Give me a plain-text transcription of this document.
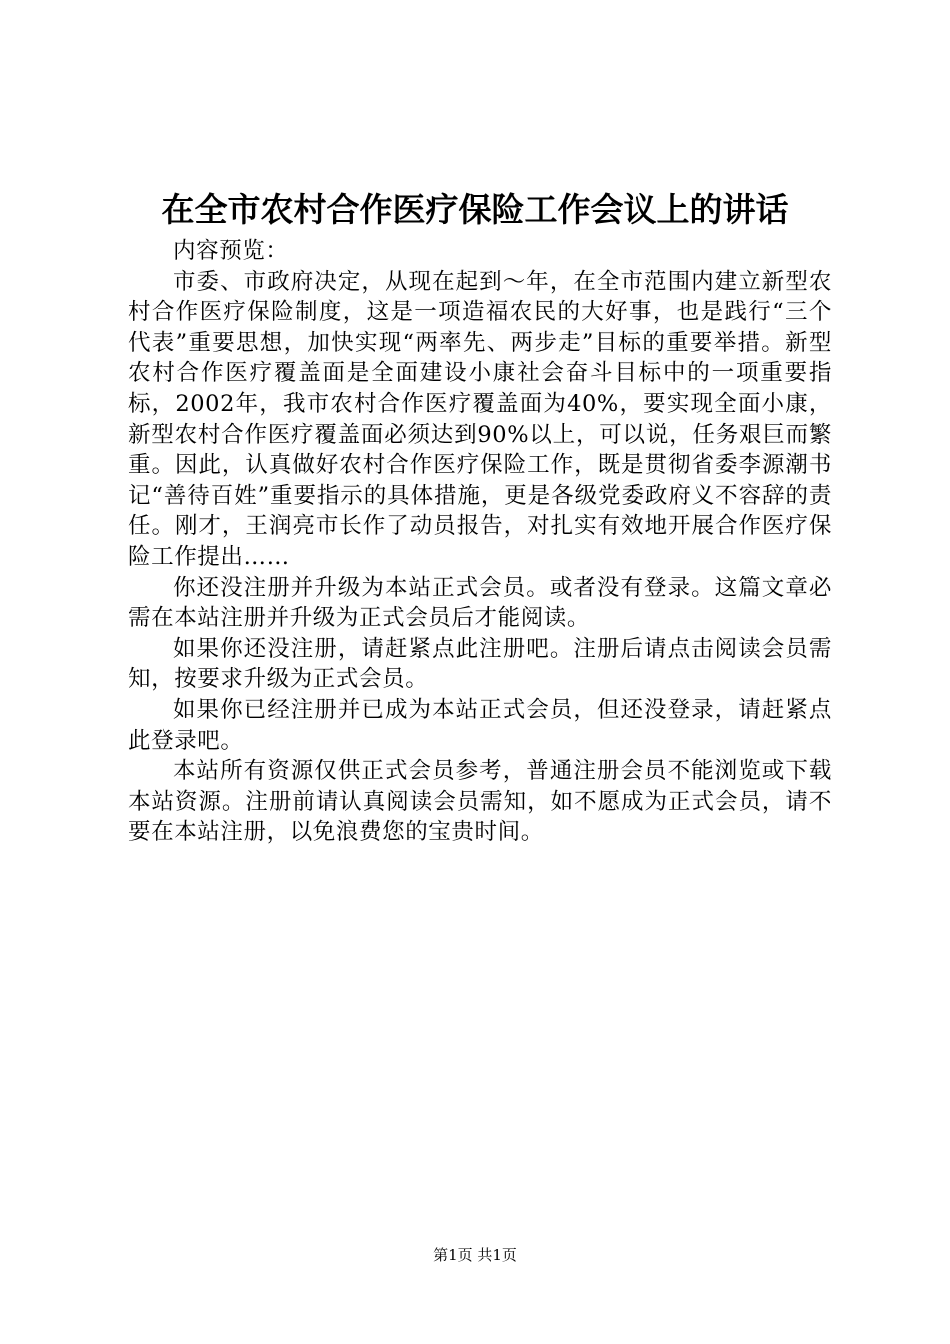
在全市农村合作医疗保险工作会议上的讲话

内容预览：

市委、市政府决定，从现在起到～年，在全市范围内建立新型农村合作医疗保险制度，这是一项造福农民的大好事，也是践行“三个代表”重要思想，加快实现“两率先、两步走”目标的重要举措。新型农村合作医疗覆盖面是全面建设小康社会奋斗目标中的一项重要指标，2002年，我市农村合作医疗覆盖面为40%，要实现全面小康，新型农村合作医疗覆盖面必须达到90%以上，可以说，任务艰巨而繁重。因此，认真做好农村合作医疗保险工作，既是贯彻省委李源潮书记“善待百姓”重要指示的具体措施，更是各级党委政府义不容辞的责任。刚才，王润亮市长作了动员报告，对扎实有效地开展合作医疗保险工作提出……

你还没注册并升级为本站正式会员。或者没有登录。这篇文章必需在本站注册并升级为正式会员后才能阅读。

如果你还没注册，请赶紧点此注册吧。注册后请点击阅读会员需知，按要求升级为正式会员。

如果你已经注册并已成为本站正式会员，但还没登录，请赶紧点此登录吧。

本站所有资源仅供正式会员参考，普通注册会员不能浏览或下载本站资源。注册前请认真阅读会员需知，如不愿成为正式会员，请不要在本站注册，以免浪费您的宝贵时间。

第1页 共1页
